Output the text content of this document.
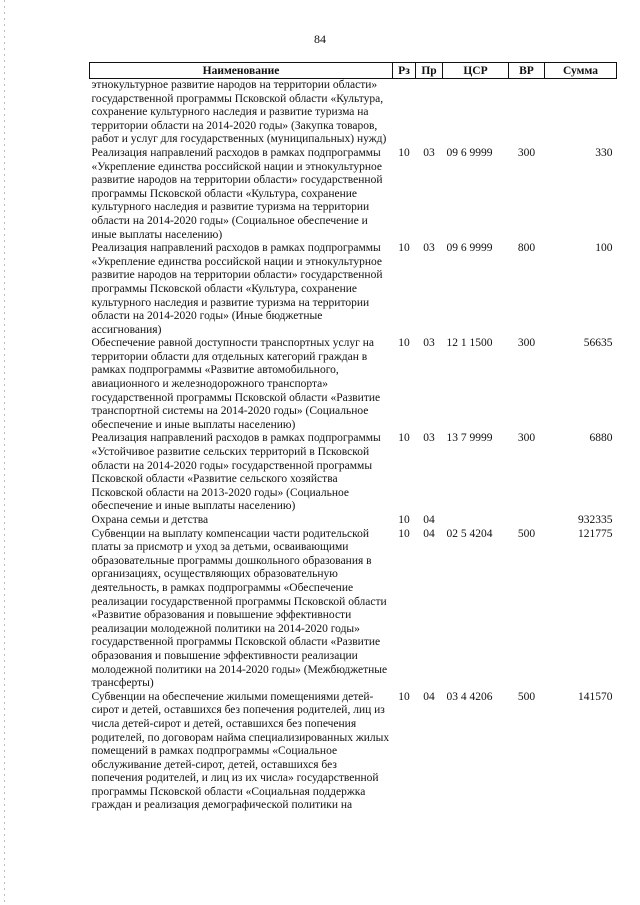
84
Наименование	Рз	Пр	ЦСР	ВР	Сумма
этнокультурное развитие народов на территории области» государственной программы Псковской области «Культура, сохранение культурного наследия и развитие туризма на территории области на 2014-2020 годы» (Закупка товаров, работ и услуг для государственных (муниципальных) нужд)					
Реализация направлений расходов в рамках подпрограммы «Укрепление единства российской нации и этнокультурное развитие народов на территории области» государственной программы Псковской области «Культура, сохранение культурного наследия и развитие туризма на территории области на 2014-2020 годы» (Социальное обеспечение и иные выплаты населению)	10	03	09 6 9999	300	330
Реализация направлений расходов в рамках подпрограммы «Укрепление единства российской нации и этнокультурное развитие народов на территории области» государственной программы Псковской области «Культура, сохранение культурного наследия и развитие туризма на территории области на 2014-2020 годы» (Иные бюджетные ассигнования)	10	03	09 6 9999	800	100
Обеспечение равной доступности транспортных услуг на территории области для отдельных категорий граждан в рамках подпрограммы «Развитие автомобильного, авиационного и железнодорожного транспорта» государственной программы Псковской области «Развитие транспортной системы на 2014-2020 годы» (Социальное обеспечение и иные выплаты населению)	10	03	12 1 1500	300	56635
Реализация направлений расходов в рамках подпрограммы «Устойчивое развитие сельских территорий в Псковской области на 2014-2020 годы» государственной программы Псковской области «Развитие сельского хозяйства Псковской области на 2013-2020 годы» (Социальное обеспечение и иные выплаты населению)	10	03	13 7 9999	300	6880
Охрана семьи и детства	10	04			932335
Субвенции на выплату компенсации части родительской платы за присмотр и уход за детьми, осваивающими образовательные программы дошкольного образования в организациях, осуществляющих образовательную деятельность, в рамках подпрограммы «Обеспечение реализации государственной программы Псковской области «Развитие образования и повышение эффективности реализации молодежной политики на 2014-2020 годы» государственной программы Псковской области «Развитие образования и повышение эффективности реализации молодежной политики на 2014-2020 годы» (Межбюджетные трансферты)	10	04	02 5 4204	500	121775
Субвенции на обеспечение жилыми помещениями детей-сирот и детей, оставшихся без попечения родителей, лиц из числа детей-сирот и детей, оставшихся без попечения родителей, по договорам найма специализированных жилых помещений в рамках подпрограммы «Социальное обслуживание детей-сирот, детей, оставшихся без попечения родителей, и лиц из их числа» государственной программы Псковской области «Социальная поддержка граждан и реализация демографической политики на	10	04	03 4 4206	500	141570
